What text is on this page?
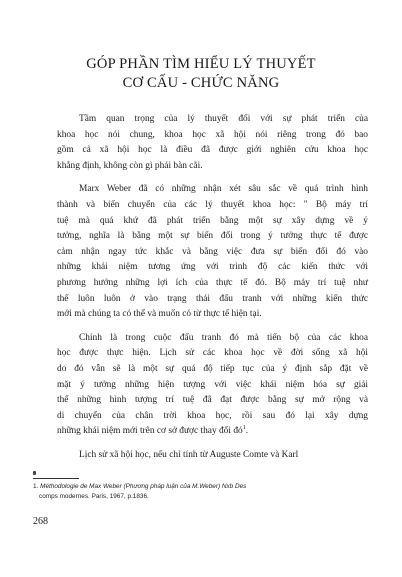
GÓP PHẦN TÌM HIỂU LÝ THUYẾT
CƠ CẤU - CHỨC NĂNG

Tầm quan trọng của lý thuyết đối với sự phát triển của
khoa học nói chung, khoa học xã hội nói riêng trong đó bao
gồm cả xã hội học là điều đã được giới nghiên cứu khoa học
khẳng định, không còn gì phải bàn cãi.

Marx Weber đã có những nhận xét sâu sắc về quá trình hình
thành và biến chuyển của các lý thuyết khoa học: " Bộ máy trí
tuệ mà quá khứ đã phát triển bằng một sự xây dựng về ý
tưởng, nghĩa là bằng một sự biến đổi trong ý tưởng thực tế được
cảm nhận ngay tức khắc và bằng việc đưa sự biến đổi đó vào
những khái niệm tương ứng với trình độ các kiến thức với
phương hướng những lợi ích của thực tế đó. Bộ máy trí tuệ như
thế luôn luôn ở vào trạng thái đấu tranh với những kiến thức
mới mà chúng ta có thể và muốn có từ thực tế hiện tại.

Chính là trong cuộc đấu tranh đó mà tiến bộ của các khoa
học được thực hiện. Lịch sử các khoa học về đời sống xã hội
do đó vẫn sẽ là một sự quá độ tiếp tục của ý định sắp đặt về
mặt ý tưởng những hiện tượng với việc khái niệm hóa sự giải
thể những hình tượng trí tuệ đã đạt được bằng sự mở rộng và
di chuyển của chân trời khoa học, rồi sau đó lại xây dựng
những khái niệm mới trên cơ sở được thay đổi $đó^1$.

Lịch sử xã hội học, nếu chỉ tính từ Auguste Comte và Karl

1. Méthodologie de Max Weber (Phương pháp luận của M.Weber) Nxb Des
comps modernes. Paris, 1967, p.1836.
268
